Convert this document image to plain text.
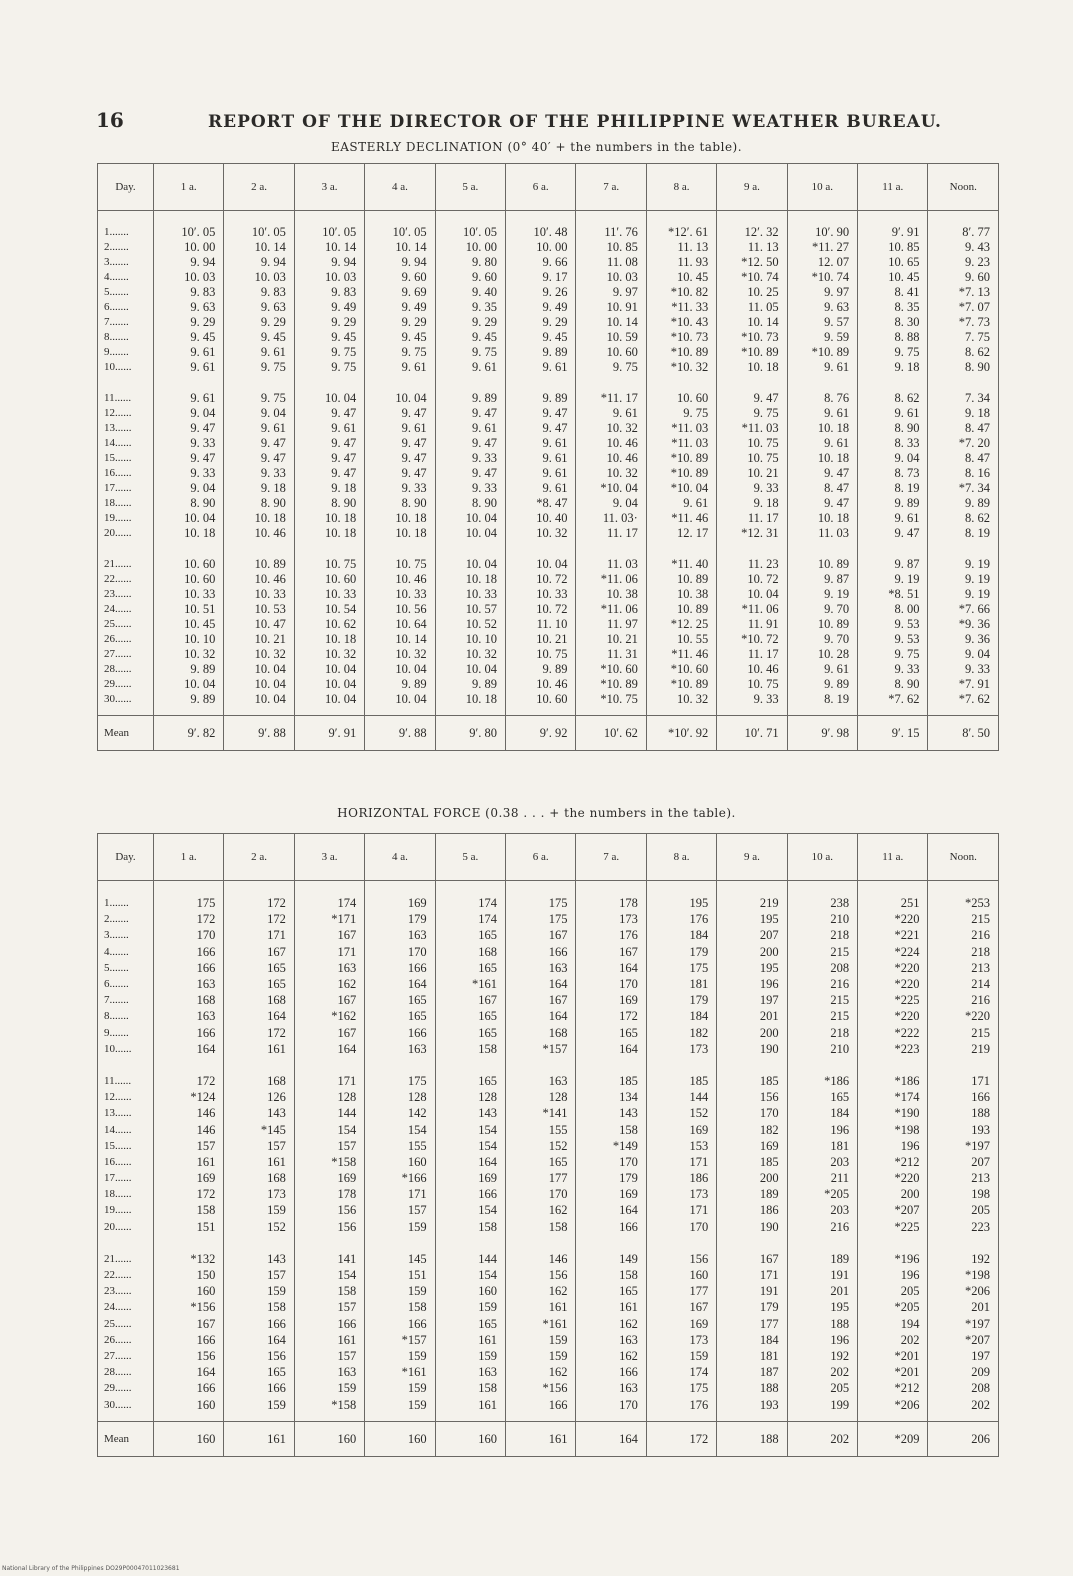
16	REPORT OF THE DIRECTOR OF THE PHILIPPINE WEATHER BUREAU.
EASTERLY DECLINATION (0° 40′ + the numbers in the table).
Day.	1 a.	2 a.	3 a.	4 a.	5 a.	6 a.	7 a.	8 a.	9 a.	10 a.	11 a.	Noon.
1.......	10′. 05	10′. 05	10′. 05	10′. 05	10′. 05	10′. 48	11′. 76	*12′. 61	12′. 32	10′. 90	9′. 91	8′. 77
2.......	10. 00	10. 14	10. 14	10. 14	10. 00	10. 00	10. 85	11. 13	11. 13	*11. 27	10. 85	9. 43
3.......	9. 94	9. 94	9. 94	9. 94	9. 80	9. 66	11. 08	11. 93	*12. 50	12. 07	10. 65	9. 23
4.......	10. 03	10. 03	10. 03	9. 60	9. 60	9. 17	10. 03	10. 45	*10. 74	*10. 74	10. 45	9. 60
5.......	9. 83	9. 83	9. 83	9. 69	9. 40	9. 26	9. 97	*10. 82	10. 25	9. 97	8. 41	*7. 13
6.......	9. 63	9. 63	9. 49	9. 49	9. 35	9. 49	10. 91	*11. 33	11. 05	9. 63	8. 35	*7. 07
7.......	9. 29	9. 29	9. 29	9. 29	9. 29	9. 29	10. 14	*10. 43	10. 14	9. 57	8. 30	*7. 73
8.......	9. 45	9. 45	9. 45	9. 45	9. 45	9. 45	10. 59	*10. 73	*10. 73	9. 59	8. 88	7. 75
9.......	9. 61	9. 61	9. 75	9. 75	9. 75	9. 89	10. 60	*10. 89	*10. 89	*10. 89	9. 75	8. 62
10......	9. 61	9. 75	9. 75	9. 61	9. 61	9. 61	9. 75	*10. 32	10. 18	9. 61	9. 18	8. 90
11......	9. 61	9. 75	10. 04	10. 04	9. 89	9. 89	*11. 17	10. 60	9. 47	8. 76	8. 62	7. 34
12......	9. 04	9. 04	9. 47	9. 47	9. 47	9. 47	9. 61	9. 75	9. 75	9. 61	9. 61	9. 18
13......	9. 47	9. 61	9. 61	9. 61	9. 61	9. 47	10. 32	*11. 03	*11. 03	10. 18	8. 90	8. 47
14......	9. 33	9. 47	9. 47	9. 47	9. 47	9. 61	10. 46	*11. 03	10. 75	9. 61	8. 33	*7. 20
15......	9. 47	9. 47	9. 47	9. 47	9. 33	9. 61	10. 46	*10. 89	10. 75	10. 18	9. 04	8. 47
16......	9. 33	9. 33	9. 47	9. 47	9. 47	9. 61	10. 32	*10. 89	10. 21	9. 47	8. 73	8. 16
17......	9. 04	9. 18	9. 18	9. 33	9. 33	9. 61	*10. 04	*10. 04	9. 33	8. 47	8. 19	*7. 34
18......	8. 90	8. 90	8. 90	8. 90	8. 90	*8. 47	9. 04	9. 61	9. 18	9. 47	9. 89	9. 89
19......	10. 04	10. 18	10. 18	10. 18	10. 04	10. 40	11. 03·	*11. 46	11. 17	10. 18	9. 61	8. 62
20......	10. 18	10. 46	10. 18	10. 18	10. 04	10. 32	11. 17	12. 17	*12. 31	11. 03	9. 47	8. 19
21......	10. 60	10. 89	10. 75	10. 75	10. 04	10. 04	11. 03	*11. 40	11. 23	10. 89	9. 87	9. 19
22......	10. 60	10. 46	10. 60	10. 46	10. 18	10. 72	*11. 06	10. 89	10. 72	9. 87	9. 19	9. 19
23......	10. 33	10. 33	10. 33	10. 33	10. 33	10. 33	10. 38	10. 38	10. 04	9. 19	*8. 51	9. 19
24......	10. 51	10. 53	10. 54	10. 56	10. 57	10. 72	*11. 06	10. 89	*11. 06	9. 70	8. 00	*7. 66
25......	10. 45	10. 47	10. 62	10. 64	10. 52	11. 10	11. 97	*12. 25	11. 91	10. 89	9. 53	*9. 36
26......	10. 10	10. 21	10. 18	10. 14	10. 10	10. 21	10. 21	10. 55	*10. 72	9. 70	9. 53	9. 36
27......	10. 32	10. 32	10. 32	10. 32	10. 32	10. 75	11. 31	*11. 46	11. 17	10. 28	9. 75	9. 04
28......	9. 89	10. 04	10. 04	10. 04	10. 04	9. 89	*10. 60	*10. 60	10. 46	9. 61	9. 33	9. 33
29......	10. 04	10. 04	10. 04	9. 89	9. 89	10. 46	*10. 89	*10. 89	10. 75	9. 89	8. 90	*7. 91
30......	9. 89	10. 04	10. 04	10. 04	10. 18	10. 60	*10. 75	10. 32	9. 33	8. 19	*7. 62	*7. 62
Mean	9′. 82	9′. 88	9′. 91	9′. 88	9′. 80	9′. 92	10′. 62	*10′. 92	10′. 71	9′. 98	9′. 15	8′. 50
HORIZONTAL FORCE (0.38 . . . + the numbers in the table).
Day.	1 a.	2 a.	3 a.	4 a.	5 a.	6 a.	7 a.	8 a.	9 a.	10 a.	11 a.	Noon.
1.......	175	172	174	169	174	175	178	195	219	238	251	*253
2.......	172	172	*171	179	174	175	173	176	195	210	*220	215
3.......	170	171	167	163	165	167	176	184	207	218	*221	216
4.......	166	167	171	170	168	166	167	179	200	215	*224	218
5.......	166	165	163	166	165	163	164	175	195	208	*220	213
6.......	163	165	162	164	*161	164	170	181	196	216	*220	214
7.......	168	168	167	165	167	167	169	179	197	215	*225	216
8.......	163	164	*162	165	165	164	172	184	201	215	*220	*220
9.......	166	172	167	166	165	168	165	182	200	218	*222	215
10......	164	161	164	163	158	*157	164	173	190	210	*223	219
11......	172	168	171	175	165	163	185	185	185	*186	*186	171
12......	*124	126	128	128	128	128	134	144	156	165	*174	166
13......	146	143	144	142	143	*141	143	152	170	184	*190	188
14......	146	*145	154	154	154	155	158	169	182	196	*198	193
15......	157	157	157	155	154	152	*149	153	169	181	196	*197
16......	161	161	*158	160	164	165	170	171	185	203	*212	207
17......	169	168	169	*166	169	177	179	186	200	211	*220	213
18......	172	173	178	171	166	170	169	173	189	*205	200	198
19......	158	159	156	157	154	162	164	171	186	203	*207	205
20......	151	152	156	159	158	158	166	170	190	216	*225	223
21......	*132	143	141	145	144	146	149	156	167	189	*196	192
22......	150	157	154	151	154	156	158	160	171	191	196	*198
23......	160	159	158	159	160	162	165	177	191	201	205	*206
24......	*156	158	157	158	159	161	161	167	179	195	*205	201
25......	167	166	166	166	165	*161	162	169	177	188	194	*197
26......	166	164	161	*157	161	159	163	173	184	196	202	*207
27......	156	156	157	159	159	159	162	159	181	192	*201	197
28......	164	165	163	*161	163	162	166	174	187	202	*201	209
29......	166	166	159	159	158	*156	163	175	188	205	*212	208
30......	160	159	*158	159	161	166	170	176	193	199	*206	202
Mean	160	161	160	160	160	161	164	172	188	202	*209	206
National Library of the Philippines DO29P00047011023681
